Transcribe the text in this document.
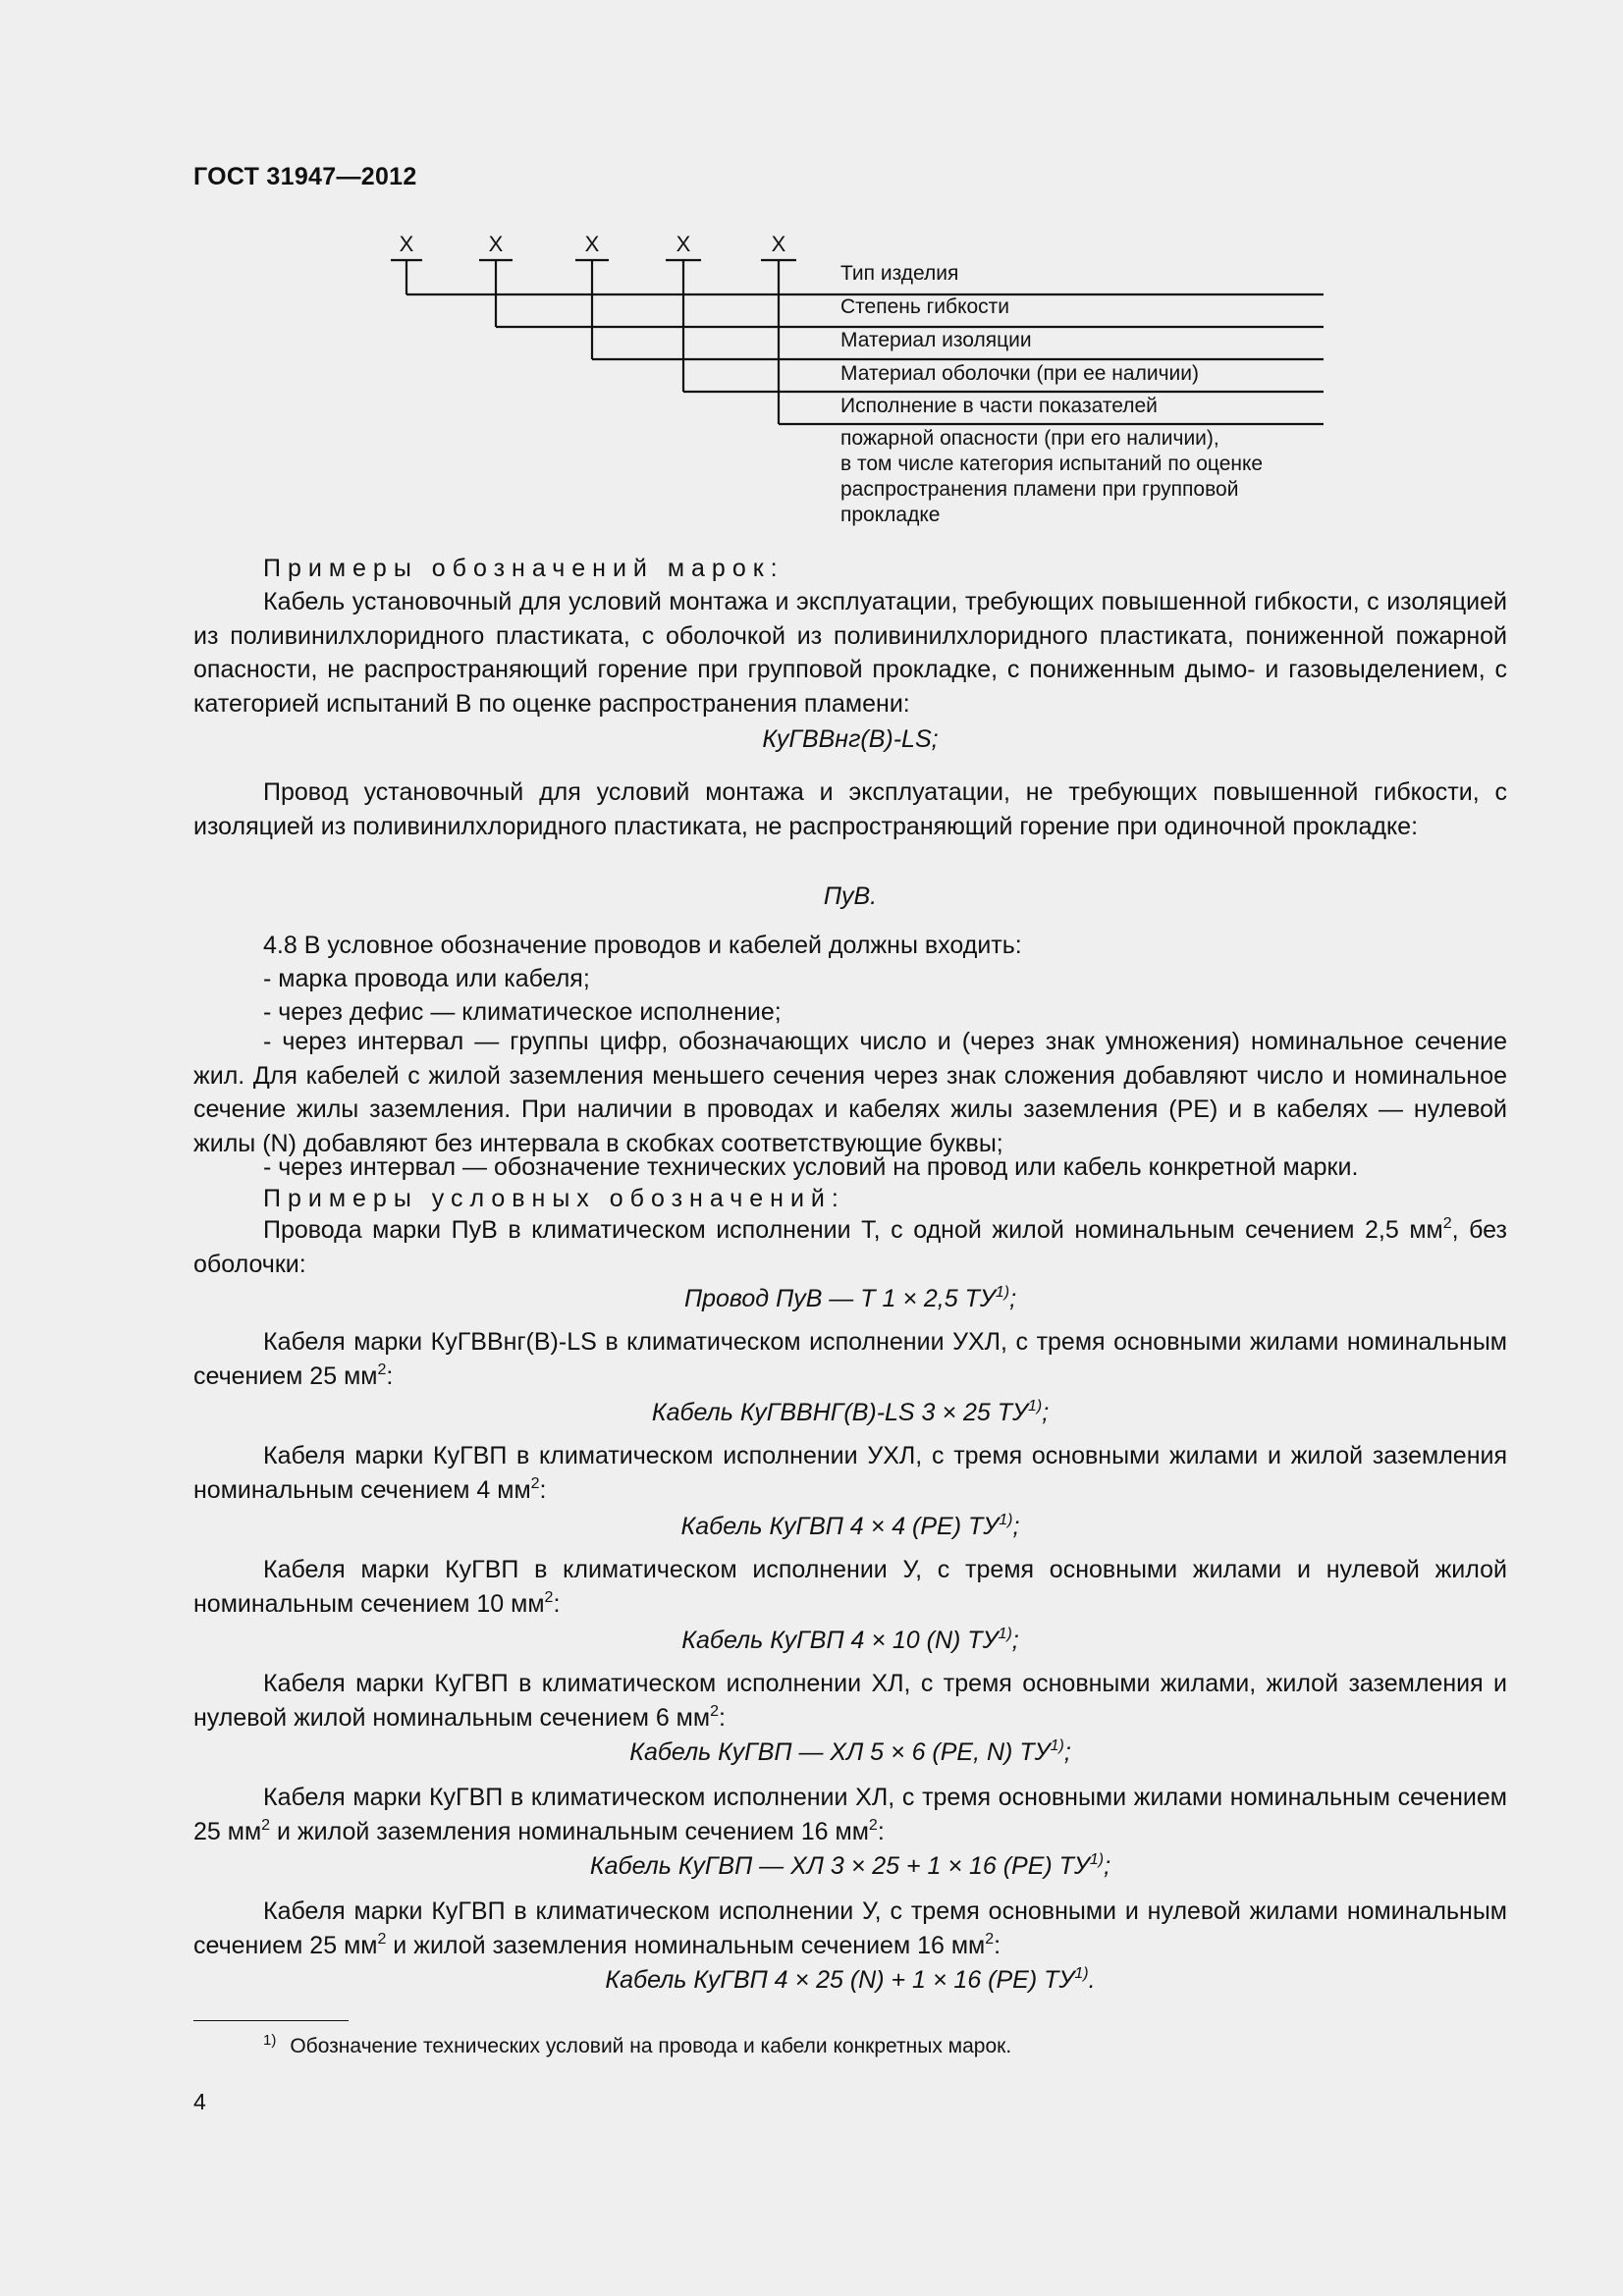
ГОСТ 31947—2012
X	X	X	X	X
Тип изделия
Степень гибкости
Материал изоляции
Материал оболочки (при ее наличии)
Исполнение в части показателей
пожарной опасности (при его наличии),
в том числе категория испытаний по оценке
распространения пламени при групповой
прокладке

Примеры обозначений марок:

Кабель установочный для условий монтажа и эксплуатации, требующих повышенной гибкости, с изоляцией из поливинилхлоридного пластиката, с оболочкой из поливинилхлоридного пластиката, пониженной пожарной опасности, не распространяющий горение при групповой прокладке, с пониженным дымо- и газовыделением, с категорией испытаний В по оценке распространения пламени:

КуГВВнг(В)-LS;

Провод установочный для условий монтажа и эксплуатации, не требующих повышенной гибкости, с изоляцией из поливинилхлоридного пластиката, не распространяющий горение при одиночной прокладке:

ПуВ.

4.8 В условное обозначение проводов и кабелей должны входить:

- марка провода или кабеля;

- через дефис — климатическое исполнение;

- через интервал — группы цифр, обозначающих число и (через знак умножения) номинальное сечение жил. Для кабелей с жилой заземления меньшего сечения через знак сложения добавляют число и номинальное сечение жилы заземления. При наличии в проводах и кабелях жилы заземления (РЕ) и в кабелях — нулевой жилы (N) добавляют без интервала в скобках соответствующие буквы;

- через интервал — обозначение технических условий на провод или кабель конкретной марки.

Примеры условных обозначений:

Провода марки ПуВ в климатическом исполнении Т, с одной жилой номинальным сечением 2,5 $мм^2$, без оболочки:

Провод ПуВ — Т 1 × 2,5 ТУ$^{1)}$;

Кабеля марки КуГВВнг(В)-LS в климатическом исполнении УХЛ, с тремя основными жилами номинальным сечением 25 $мм^2$:

Кабель КуГВВНГ(В)-LS 3 × 25 ТУ$^{1)}$;

Кабеля марки КуГВП в климатическом исполнении УХЛ, с тремя основными жилами и жилой заземления номинальным сечением 4 $мм^2$:

Кабель КуГВП 4 × 4 (PE) ТУ$^{1)}$;

Кабеля марки КуГВП в климатическом исполнении У, с тремя основными жилами и нулевой жилой номинальным сечением 10 $мм^2$:

Кабель КуГВП 4 × 10 (N) ТУ$^{1)}$;

Кабеля марки КуГВП в климатическом исполнении ХЛ, с тремя основными жилами, жилой заземления и нулевой жилой номинальным сечением 6 $мм^2$:

Кабель КуГВП — ХЛ 5 × 6 (PE, N) ТУ$^{1)}$;

Кабеля марки КуГВП в климатическом исполнении ХЛ, с тремя основными жилами номинальным сечением 25 $мм^2$ и жилой заземления номинальным сечением 16 $мм^2$:

Кабель КуГВП — ХЛ 3 × 25 + 1 × 16 (PE) ТУ$^{1)}$;

Кабеля марки КуГВП в климатическом исполнении У, с тремя основными и нулевой жилами номинальным сечением 25 $мм^2$ и жилой заземления номинальным сечением 16 $мм^2$:

Кабель КуГВП 4 × 25 (N) + 1 × 16 (PE) ТУ$^{1)}$.
$^{1)}$ Обозначение технических условий на провода и кабели конкретных марок.
4
